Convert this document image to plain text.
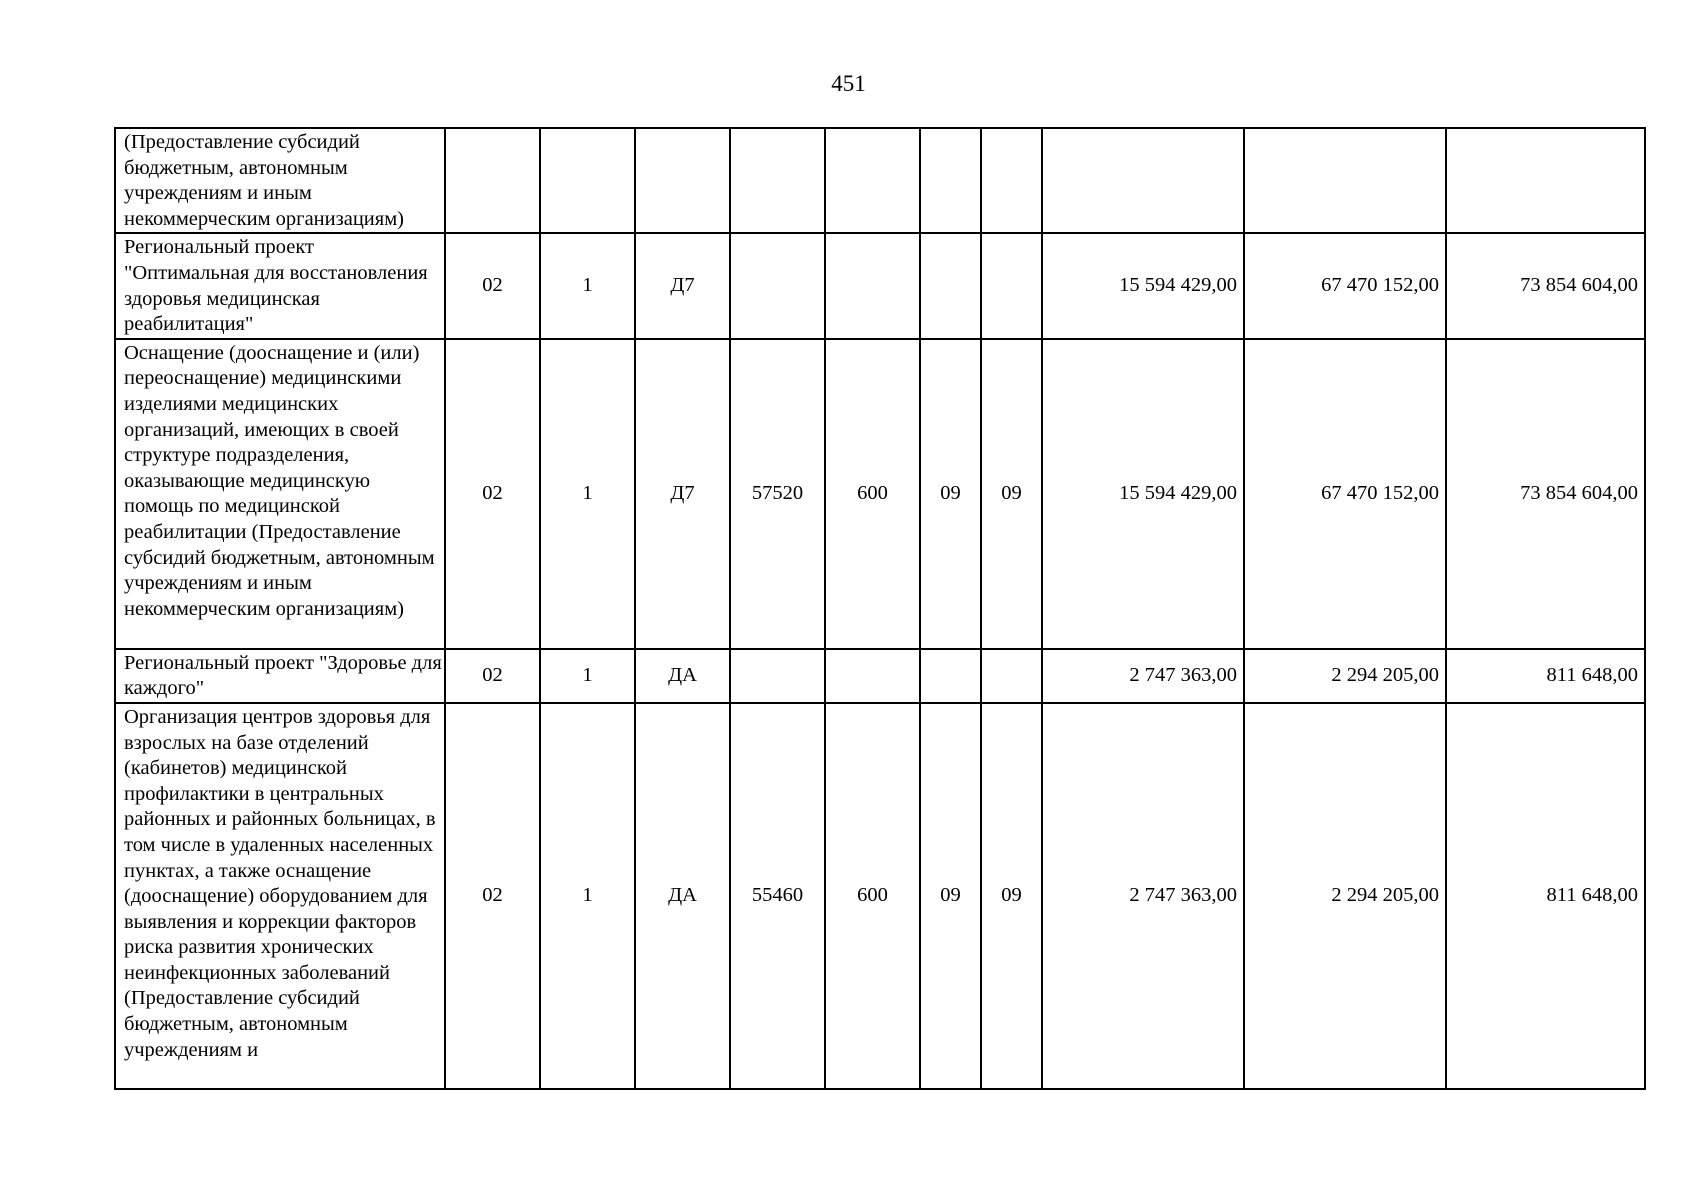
451
(Предоставление субсидий бюджетным, автономным учреждениям и иным некоммерческим организациям)										
Региональный проект "Оптимальная для восстановления здоровья медицинская реабилитация"	02	1	Д7					15 594 429,00	67 470 152,00	73 854 604,00
Оснащение (дооснащение и (или) переоснащение) медицинскими изделиями медицинских организаций, имеющих в своей структуре подразделения, оказывающие медицинскую помощь по медицинской реабилитации (Предоставление субсидий бюджетным, автономным учреждениям и иным некоммерческим организациям)	02	1	Д7	57520	600	09	09	15 594 429,00	67 470 152,00	73 854 604,00
Региональный проект "Здоровье для каждого"	02	1	ДА					2 747 363,00	2 294 205,00	811 648,00
Организация центров здоровья для взрослых на базе отделений (кабинетов) медицинской профилактики в центральных районных и районных больницах, в том числе в удаленных населенных пунктах, а также оснащение (дооснащение) оборудованием для выявления и коррекции факторов риска развития хронических неинфекционных заболеваний (Предоставление субсидий бюджетным, автономным учреждениям и	02	1	ДА	55460	600	09	09	2 747 363,00	2 294 205,00	811 648,00
